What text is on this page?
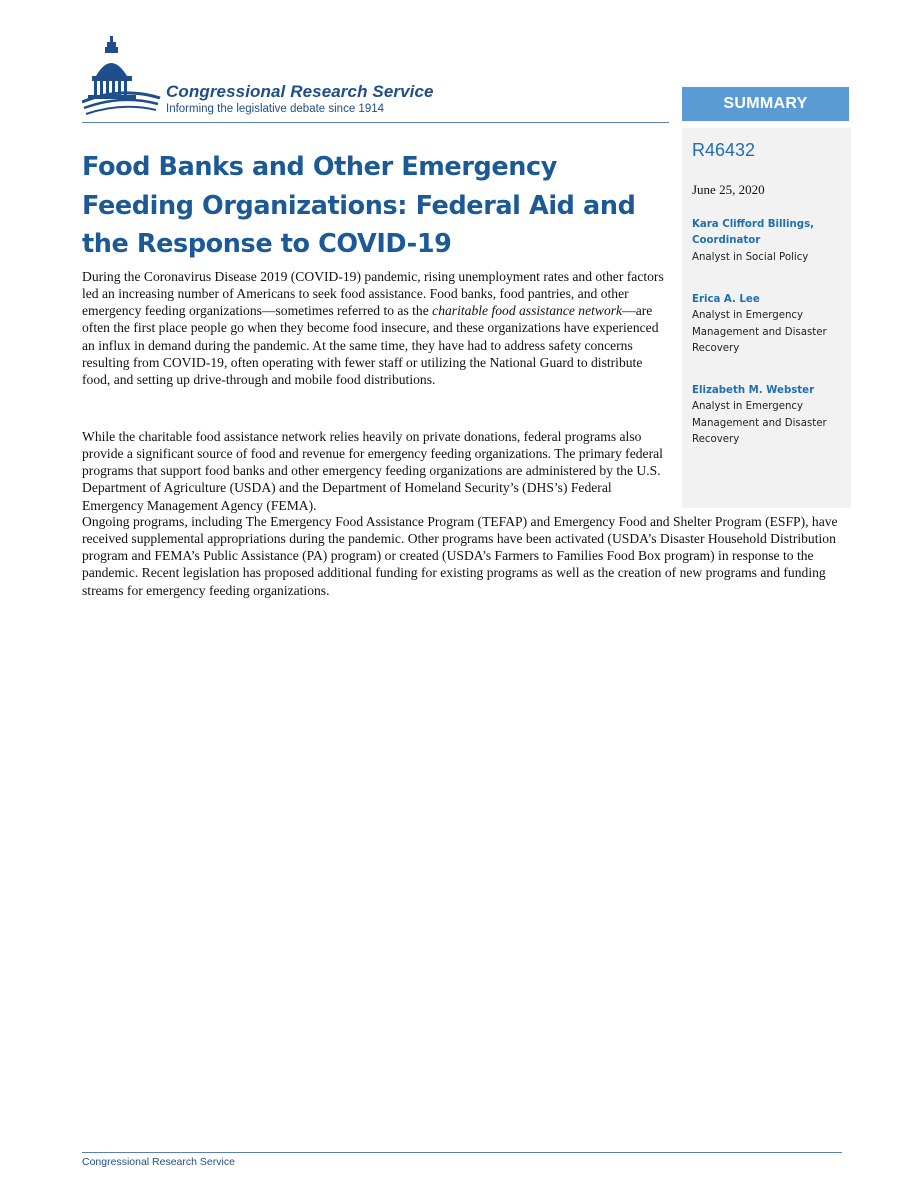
Congressional Research Service
Informing the legislative debate since 1914	SUMMARY
R46432
June 25, 2020
Kara Clifford Billings, Coordinator
Analyst in Social Policy
Erica A. Lee
Analyst in Emergency Management and Disaster Recovery
Elizabeth M. Webster
Analyst in Emergency Management and Disaster Recovery
Food Banks and Other Emergency Feeding Organizations: Federal Aid and the Response to COVID-19

During the Coronavirus Disease 2019 (COVID-19) pandemic, rising unemployment rates and other factors led an increasing number of Americans to seek food assistance. Food banks, food pantries, and other emergency feeding organizations—sometimes referred to as the charitable food assistance network—are often the first place people go when they become food insecure, and these organizations have experienced an influx in demand during the pandemic. At the same time, they have had to address safety concerns resulting from COVID-19, often operating with fewer staff or utilizing the National Guard to distribute food, and setting up drive-through and mobile food distributions.

While the charitable food assistance network relies heavily on private donations, federal programs also provide a significant source of food and revenue for emergency feeding organizations. The primary federal programs that support food banks and other emergency feeding organizations are administered by the U.S. Department of Agriculture (USDA) and the Department of Homeland Security’s (DHS’s) Federal Emergency Management Agency (FEMA).

Ongoing programs, including The Emergency Food Assistance Program (TEFAP) and Emergency Food and Shelter Program (ESFP), have received supplemental appropriations during the pandemic. Other programs have been activated (USDA’s Disaster Household Distribution program and FEMA’s Public Assistance (PA) program) or created (USDA’s Farmers to Families Food Box program) in response to the pandemic. Recent legislation has proposed additional funding for existing programs as well as the creation of new programs and funding streams for emergency feeding organizations.

Congressional Research Service
